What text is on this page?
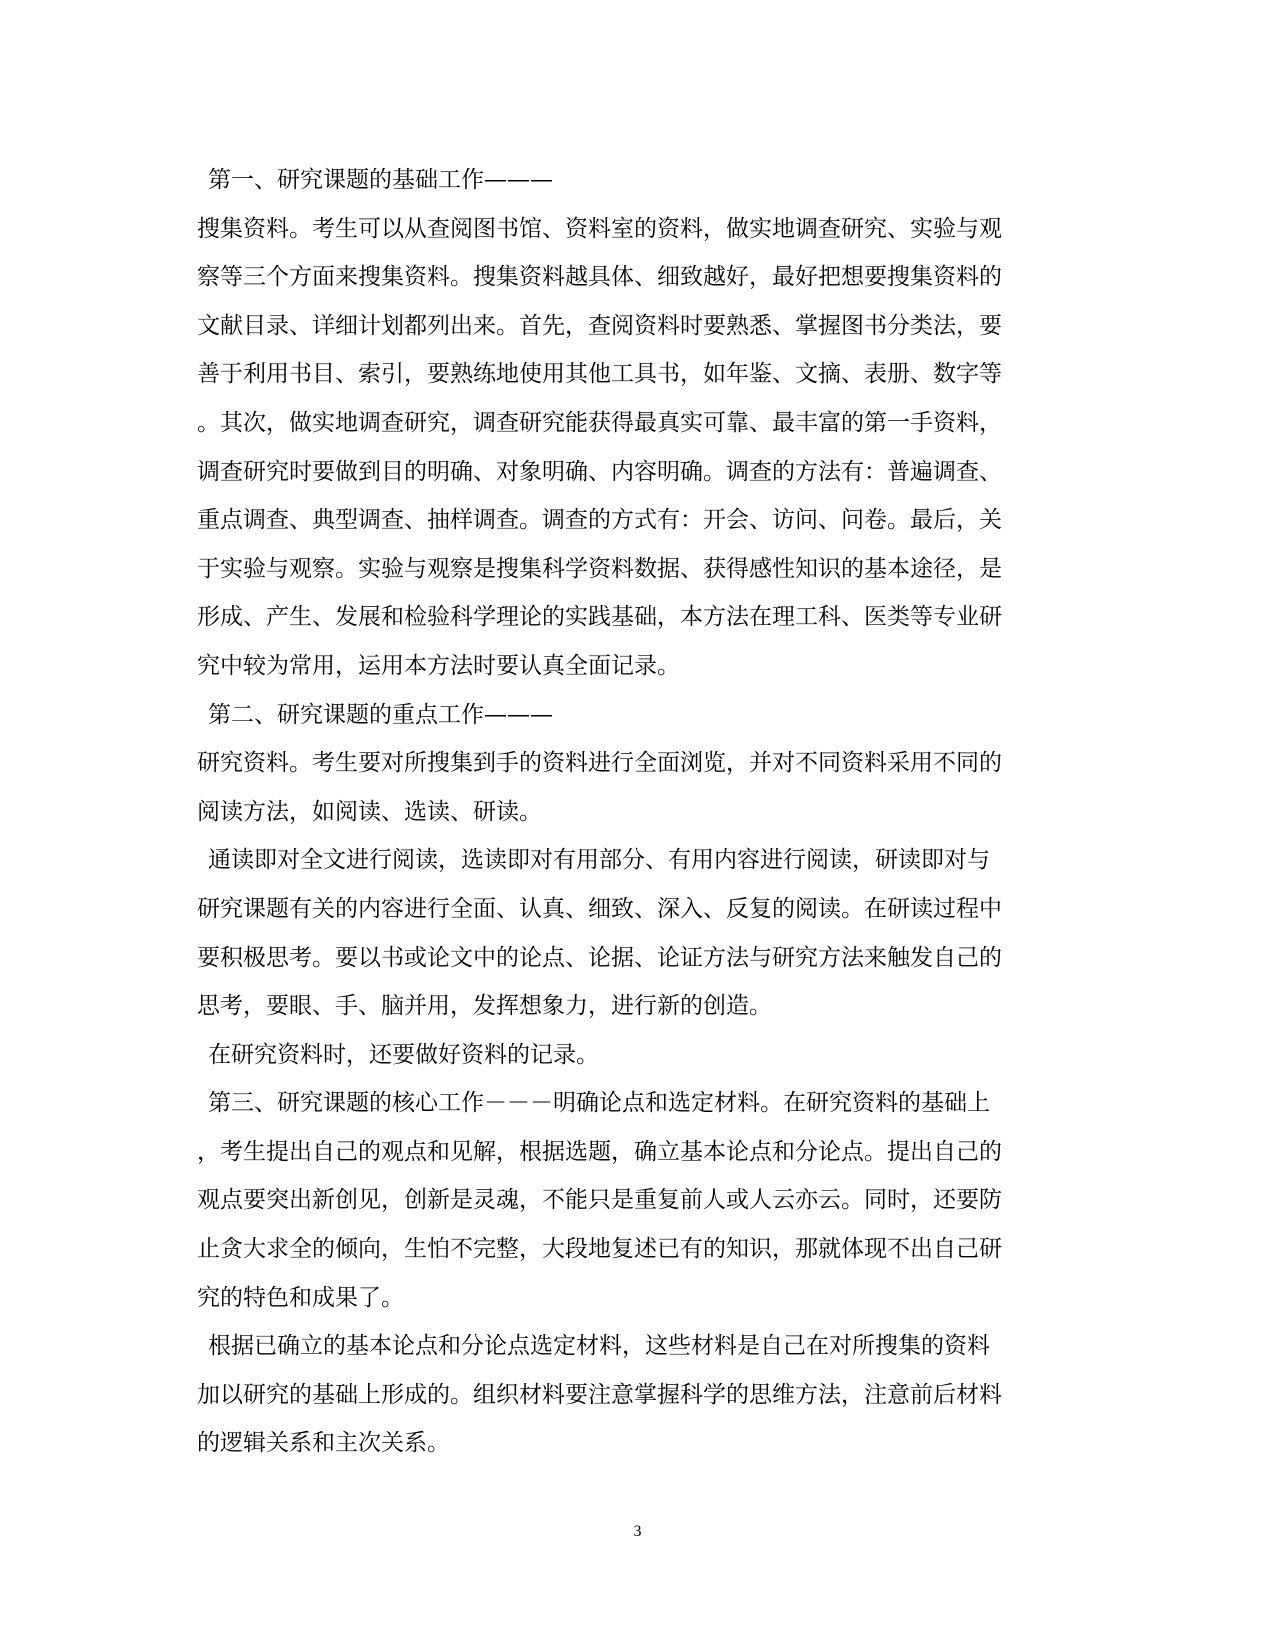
第一、研究课题的基础工作———
搜集资料。考生可以从查阅图书馆、资料室的资料，做实地调查研究、实验与观
察等三个方面来搜集资料。搜集资料越具体、细致越好，最好把想要搜集资料的
文献目录、详细计划都列出来。首先，查阅资料时要熟悉、掌握图书分类法，要
善于利用书目、索引，要熟练地使用其他工具书，如年鉴、文摘、表册、数字等
。其次，做实地调查研究，调查研究能获得最真实可靠、最丰富的第一手资料，
调查研究时要做到目的明确、对象明确、内容明确。调查的方法有：普遍调查、
重点调查、典型调查、抽样调查。调查的方式有：开会、访问、问卷。最后，关
于实验与观察。实验与观察是搜集科学资料数据、获得感性知识的基本途径，是
形成、产生、发展和检验科学理论的实践基础，本方法在理工科、医类等专业研
究中较为常用，运用本方法时要认真全面记录。
第二、研究课题的重点工作———
研究资料。考生要对所搜集到手的资料进行全面浏览，并对不同资料采用不同的
阅读方法，如阅读、选读、研读。
通读即对全文进行阅读，选读即对有用部分、有用内容进行阅读，研读即对与
研究课题有关的内容进行全面、认真、细致、深入、反复的阅读。在研读过程中
要积极思考。要以书或论文中的论点、论据、论证方法与研究方法来触发自己的
思考，要眼、手、脑并用，发挥想象力，进行新的创造。
在研究资料时，还要做好资料的记录。
第三、研究课题的核心工作－－－明确论点和选定材料。在研究资料的基础上
，考生提出自己的观点和见解，根据选题，确立基本论点和分论点。提出自己的
观点要突出新创见，创新是灵魂，不能只是重复前人或人云亦云。同时，还要防
止贪大求全的倾向，生怕不完整，大段地复述已有的知识，那就体现不出自己研
究的特色和成果了。
根据已确立的基本论点和分论点选定材料，这些材料是自己在对所搜集的资料
加以研究的基础上形成的。组织材料要注意掌握科学的思维方法，注意前后材料
的逻辑关系和主次关系。
3
